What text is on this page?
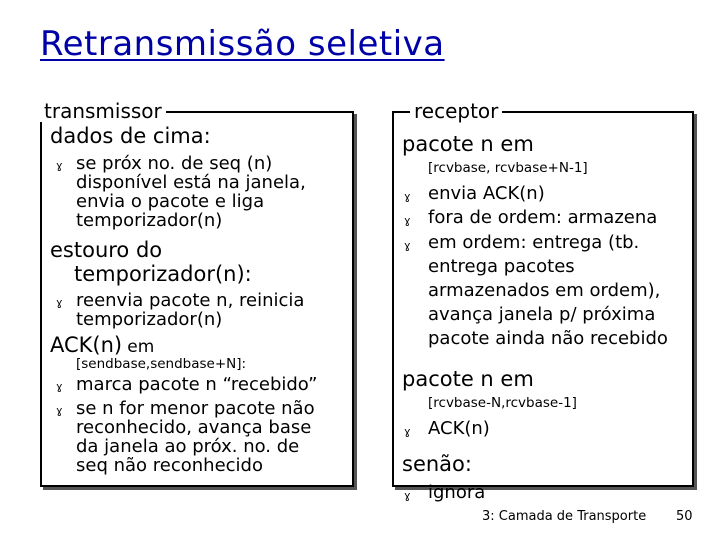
Retransmissão seletiva
transmissor
dados de cima:
ɣ se próx no. de seq (n)
disponível está na janela,
envia o pacote e liga
temporizador(n)
estouro do
temporizador(n):
ɣ reenvia pacote n, reinicia
temporizador(n)
ACK(n) em
[sendbase,sendbase+N]:
ɣ marca pacote n “recebido”
ɣ se n for menor pacote não
reconhecido, avança base
da janela ao próx. no. de
seq não reconhecido
receptor
pacote n em
[rcvbase, rcvbase+N-1]
ɣ envia ACK(n)
ɣ fora de ordem: armazena
ɣ em ordem: entrega (tb.
entrega pacotes
armazenados em ordem),
avança janela p/ próxima
pacote ainda não recebido
pacote n em
[rcvbase-N,rcvbase-1]
ɣ ACK(n)
senão:
ɣ ignora
3: Camada de Transporte 50
